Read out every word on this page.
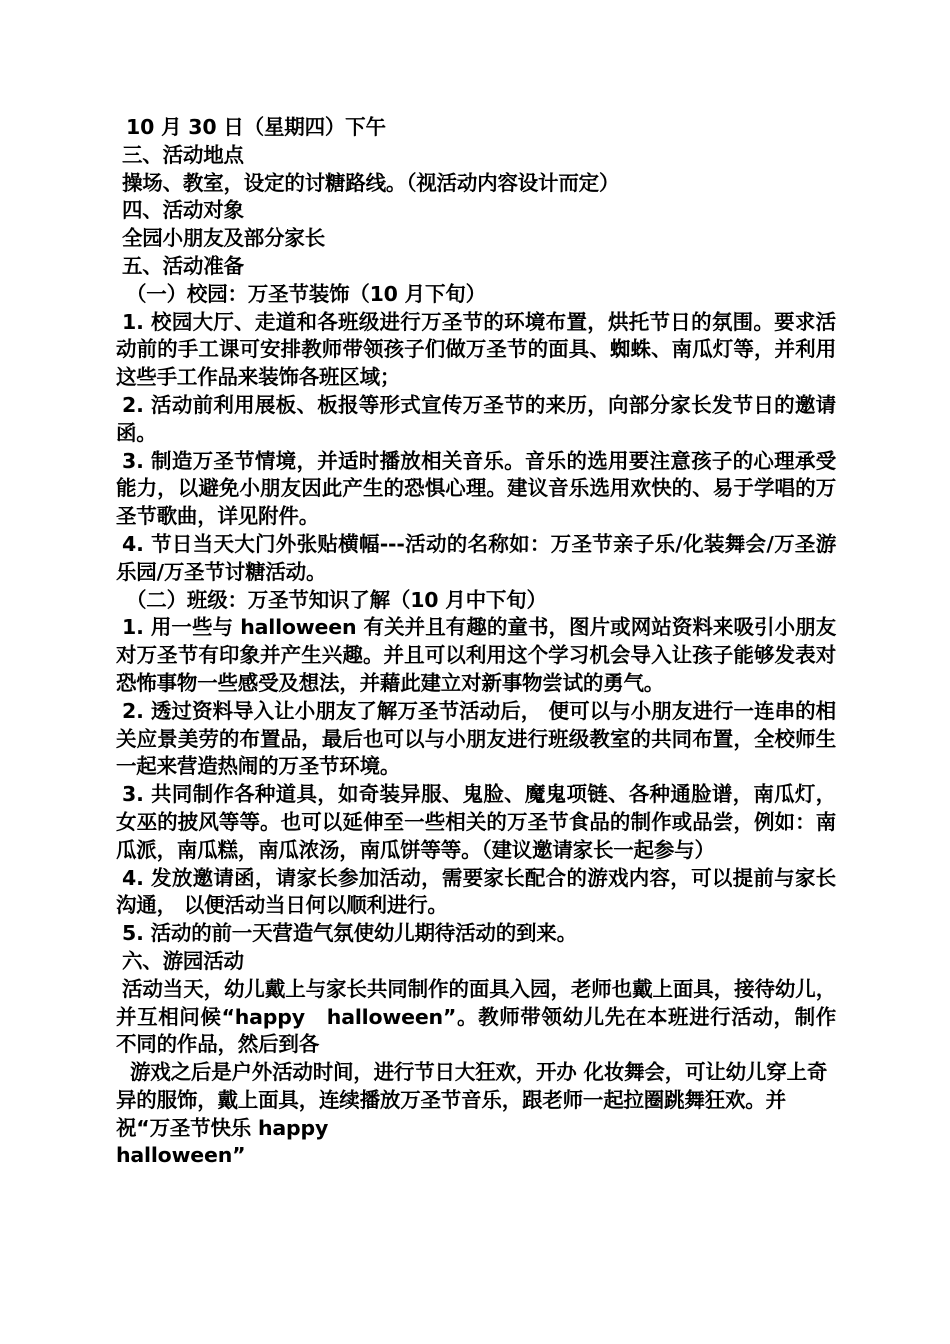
10 月 30 日（星期四）下午

三、活动地点

操场、教室，设定的讨糖路线。（视活动内容设计而定）

四、活动对象

全园小朋友及部分家长

五、活动准备

（一）校园：万圣节装饰（10 月下旬）

1. 校园大厅、走道和各班级进行万圣节的环境布置，烘托节日的氛围。要求活动前的手工课可安排教师带领孩子们做万圣节的面具、蜘蛛、南瓜灯等，并利用这些手工作品来装饰各班区域；

2. 活动前利用展板、板报等形式宣传万圣节的来历，向部分家长发节日的邀请函。

3. 制造万圣节情境，并适时播放相关音乐。音乐的选用要注意孩子的心理承受能力，以避免小朋友因此产生的恐惧心理。建议音乐选用欢快的、易于学唱的万圣节歌曲，详见附件。

4. 节日当天大门外张贴横幅---活动的名称如：万圣节亲子乐/化装舞会/万圣游乐园/万圣节讨糖活动。

（二）班级：万圣节知识了解（10 月中下旬）

1. 用一些与 halloween 有关并且有趣的童书，图片或网站资料来吸引小朋友对万圣节有印象并产生兴趣。并且可以利用这个学习机会导入让孩子能够发表对恐怖事物一些感受及想法，并藉此建立对新事物尝试的勇气。

2. 透过资料导入让小朋友了解万圣节活动后， 便可以与小朋友进行一连串的相关应景美劳的布置品，最后也可以与小朋友进行班级教室的共同布置，全校师生一起来营造热闹的万圣节环境。

3. 共同制作各种道具，如奇装异服、鬼脸、魔鬼项链、各种通脸谱，南瓜灯，女巫的披风等等。也可以延伸至一些相关的万圣节食品的制作或品尝，例如：南瓜派，南瓜糕，南瓜浓汤，南瓜饼等等。（建议邀请家长一起参与）

4. 发放邀请函，请家长参加活动，需要家长配合的游戏内容，可以提前与家长沟通， 以便活动当日何以顺利进行。

5. 活动的前一天营造气氛使幼儿期待活动的到来。

六、游园活动

活动当天，幼儿戴上与家长共同制作的面具入园，老师也戴上面具，接待幼儿，并互相问候“happy　halloween”。教师带领幼儿先在本班进行活动，制作不同的作品，然后到各

游戏之后是户外活动时间，进行节日大狂欢，开办 化妆舞会，可让幼儿穿上奇异的服饰，戴上面具，连续播放万圣节音乐，跟老师一起拉圈跳舞狂欢。并祝“万圣节快乐 happy

halloween”
